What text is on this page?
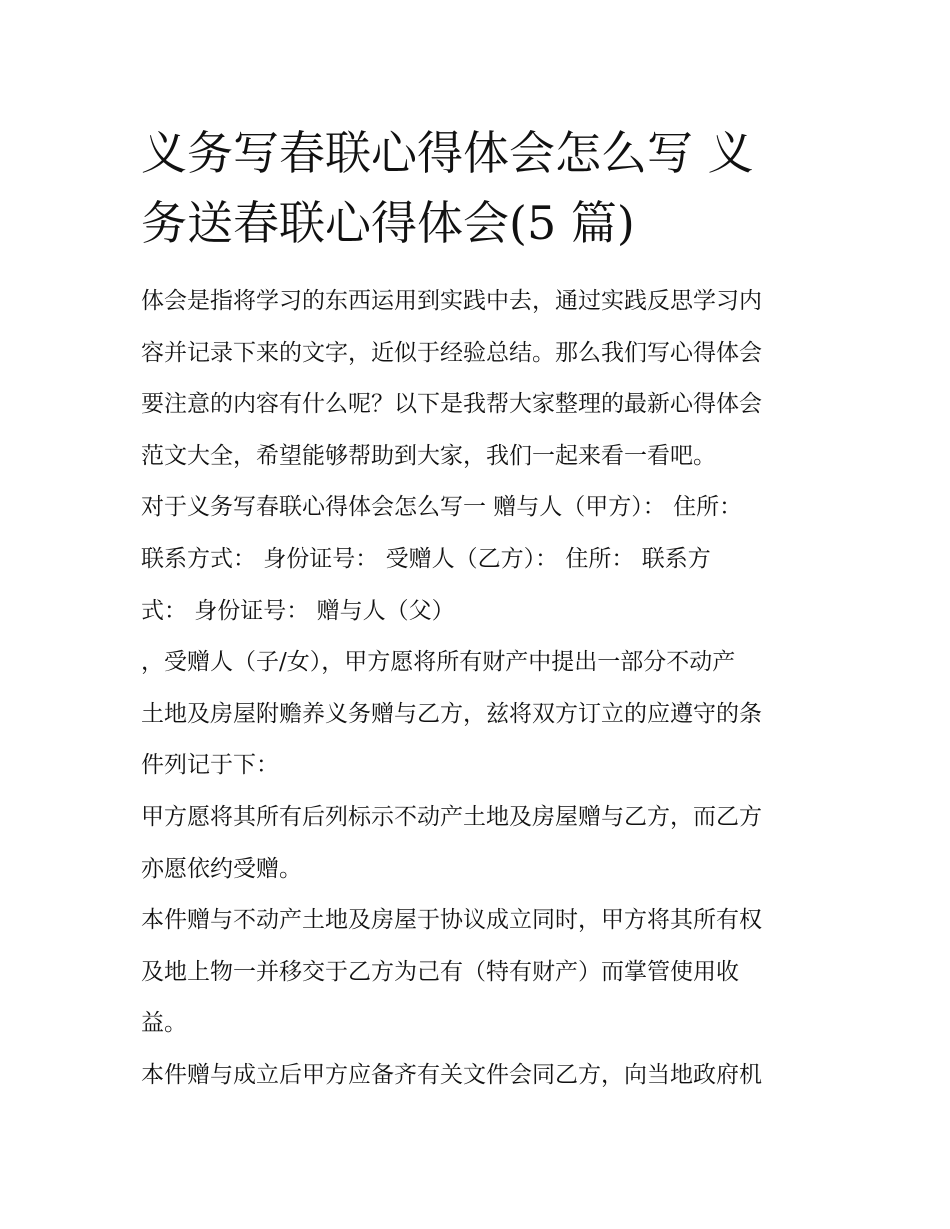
义务写春联心得体会怎么写 义
务送春联心得体会(5 篇)

体会是指将学习的东西运用到实践中去，通过实践反思学习内
容并记录下来的文字，近似于经验总结。那么我们写心得体会
要注意的内容有什么呢？以下是我帮大家整理的最新心得体会
范文大全，希望能够帮助到大家，我们一起来看一看吧。
对于义务写春联心得体会怎么写一 赠与人（甲方）： 住所：
联系方式： 身份证号： 受赠人（乙方）： 住所： 联系方
式： 身份证号： 赠与人（父）
，受赠人（子/女），甲方愿将所有财产中提出一部分不动产
土地及房屋附赡养义务赠与乙方，兹将双方订立的应遵守的条
件列记于下：
甲方愿将其所有后列标示不动产土地及房屋赠与乙方，而乙方
亦愿依约受赠。
本件赠与不动产土地及房屋于协议成立同时，甲方将其所有权
及地上物一并移交于乙方为己有（特有财产）而掌管使用收
益。
本件赠与成立后甲方应备齐有关文件会同乙方，向当地政府机
